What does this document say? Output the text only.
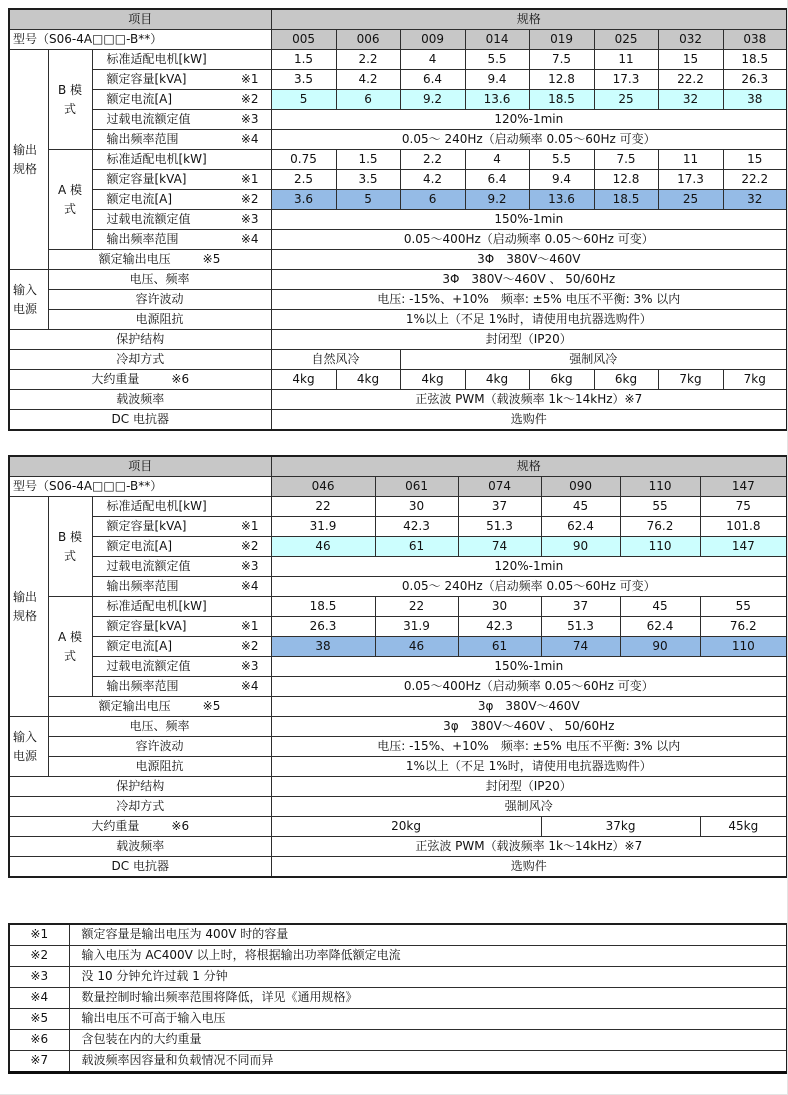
项目			规格							
型号（S06-4A□□□-B**）			005	006	009	014	019	025	032	038
输出规格	B 模式	标准适配电机[kW]	1.5	2.2	4	5.5	7.5	11	15	18.5

		额定容量[kVA] ※1	3.5	4.2	6.4	9.4	12.8	17.3	22.2	26.3

		额定电流[A] ※2	5	6	9.2	13.6	18.5	25	32	38

		过载电流额定值 ※3	120%-1min							

		输出频率范围 ※4	0.05～ 240Hz（启动频率 0.05～60Hz 可变）							
	A 模式	标准适配电机[kW]	0.75	1.5	2.2	4	5.5	7.5	11	15

		额定容量[kVA] ※1	2.5	3.5	4.2	6.4	9.4	12.8	17.3	22.2

		额定电流[A] ※2	3.6	5	6	9.2	13.6	18.5	25	32

		过载电流额定值 ※3	150%-1min							

		输出频率范围 ※4	0.05～400Hz（启动频率 0.05～60Hz 可变）							

	额定输出电压 ※5		3Φ　380V～460V							
输入电源	电压、频率		3Φ　380V～460V 、 50/60Hz							
	容许波动		电压: -15%、+10%　频率: ±5% 电压不平衡: 3% 以内							
	电源阻抗		1%以上（不足 1%时，请使用电抗器选购件）							
保护结构			封闭型（IP20）							
冷却方式			自然风冷		强制风冷					

大约重量 ※6			4kg	4kg	4kg	4kg	6kg	6kg	7kg	7kg
载波频率			正弦波 PWM（载波频率 1k～14kHz）※7							
DC 电抗器			选购件							
项目			规格					
型号（S06-4A□□□-B**）			046	061	074	090	110	147
输出规格	B 模式	标准适配电机[kW]	22	30	37	45	55	75

		额定容量[kVA] ※1	31.9	42.3	51.3	62.4	76.2	101.8

		额定电流[A] ※2	46	61	74	90	110	147

		过载电流额定值 ※3	120%-1min					

		输出频率范围 ※4	0.05～ 240Hz（启动频率 0.05～60Hz 可变）					
	A 模式	标准适配电机[kW]	18.5	22	30	37	45	55

		额定容量[kVA] ※1	26.3	31.9	42.3	51.3	62.4	76.2

		额定电流[A] ※2	38	46	61	74	90	110

		过载电流额定值 ※3	150%-1min					

		输出频率范围 ※4	0.05～400Hz（启动频率 0.05～60Hz 可变）					

	额定输出电压 ※5		3φ　380V～460V					
输入电源	电压、频率		3φ　380V～460V 、 50/60Hz					
	容许波动		电压: -15%、+10%　频率: ±5% 电压不平衡: 3% 以内					
	电源阻抗		1%以上（不足 1%时，请使用电抗器选购件）					
保护结构			封闭型（IP20）					
冷却方式			强制风冷					

大约重量 ※6			20kg			37kg		45kg
载波频率			正弦波 PWM（载波频率 1k～14kHz）※7					
DC 电抗器			选购件					
※1	额定容量是输出电压为 400V 时的容量
※2	输入电压为 AC400V 以上时，将根据输出功率降低额定电流
※3	没 10 分钟允许过载 1 分钟
※4	数量控制时输出频率范围将降低，详见《通用规格》
※5	输出电压不可高于输入电压
※6	含包装在内的大约重量
※7	载波频率因容量和负载情况不同而异
